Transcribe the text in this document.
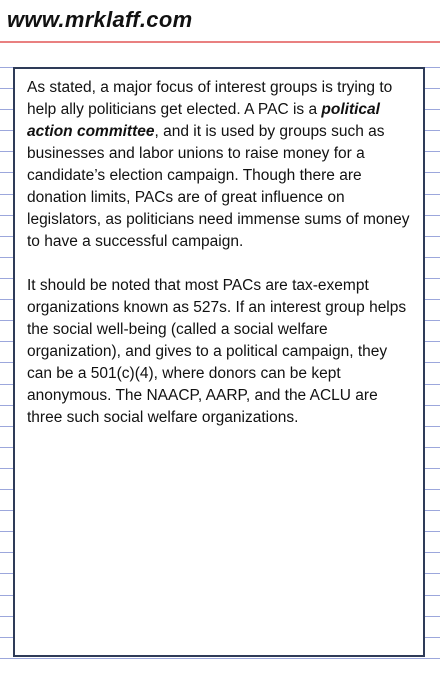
www.mrklaff.com

As stated, a major focus of interest groups is trying to help ally politicians get elected. A PAC is a political action committee, and it is used by groups such as businesses and labor unions to raise money for a candidate’s election campaign. Though there are donation limits, PACs are of great influence on legislators, as politicians need immense sums of money to have a successful campaign.

It should be noted that most PACs are tax-exempt organizations known as 527s. If an interest group helps the social well-being (called a social welfare organization), and gives to a political campaign, they can be a 501(c)(4), where donors can be kept anonymous. The NAACP, AARP, and the ACLU are three such social welfare organizations.
